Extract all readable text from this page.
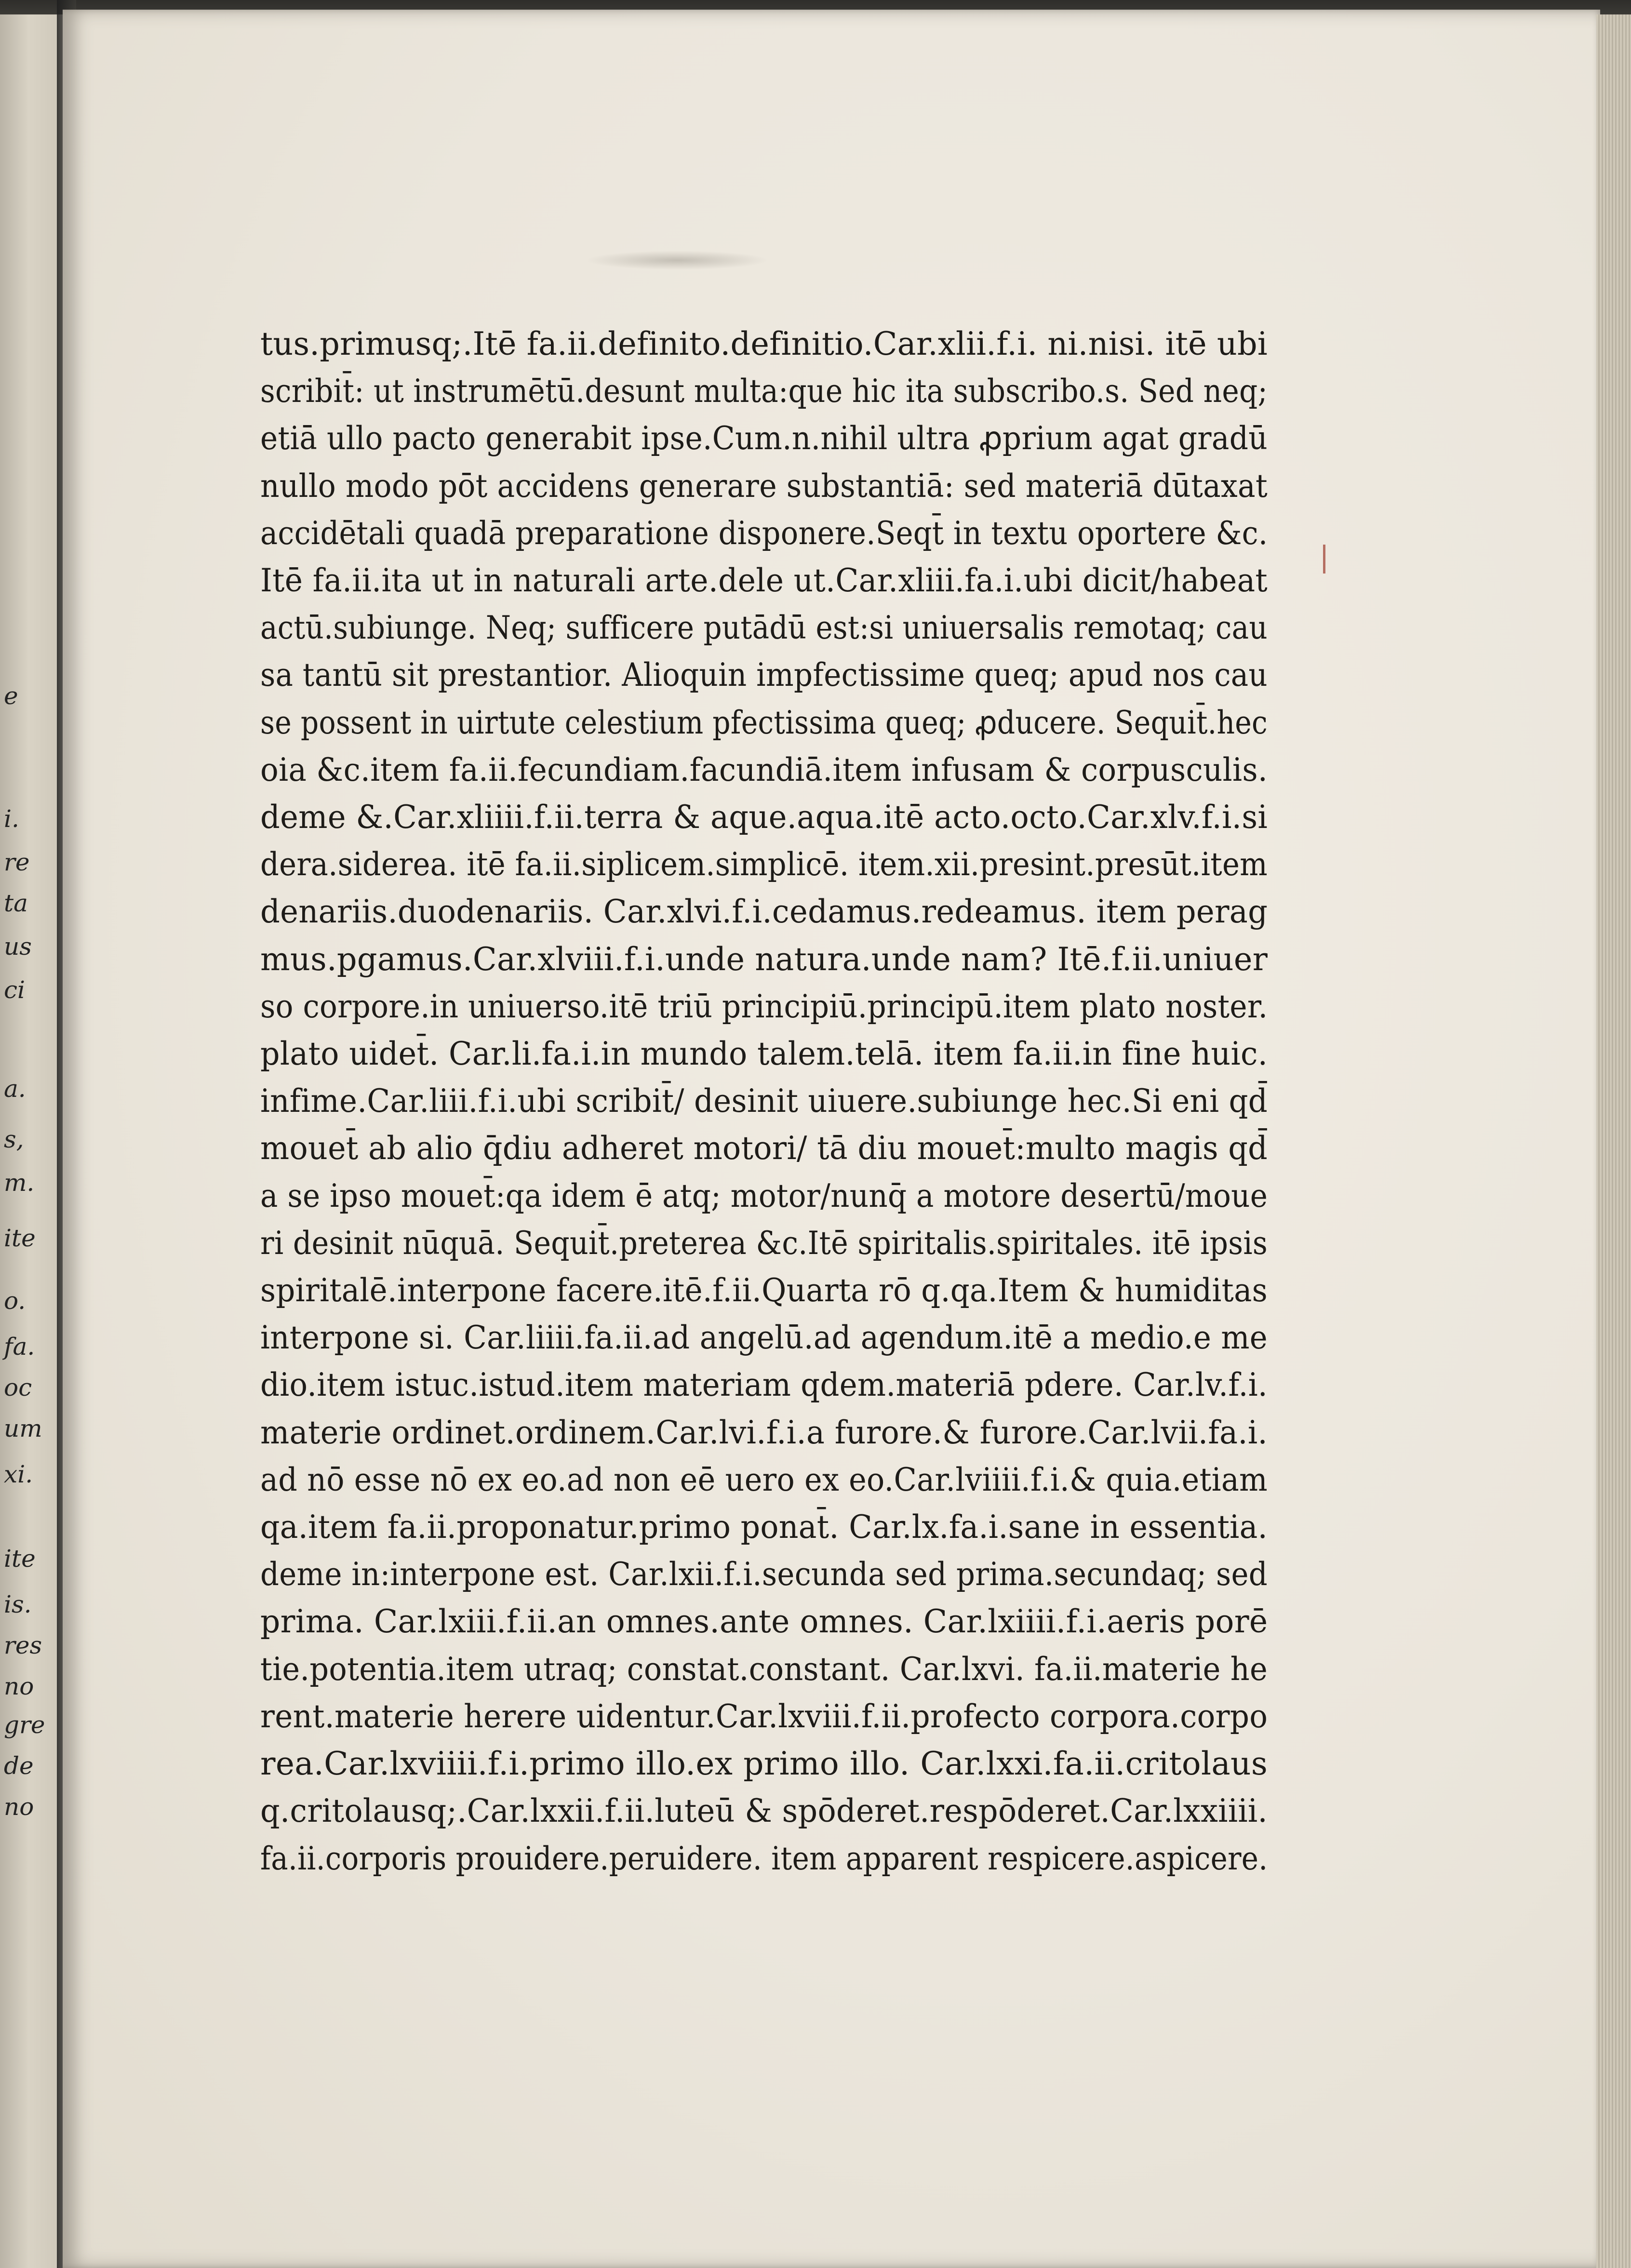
e
i.
re
ta
us
ci
a.
s,
m.
ite
o.
fa.
oc
um
xi.
ite
is.
res
no
gre
de
no
tus.primusq;.Itē fa.ii.definito.definitio.Car.xlii.f.i. ni.nisi. itē ubi
scribit̄: ut instrumētū.desunt multa:que hic ita subscribo.s. Sed neq;
etiā ullo pacto generabit ipse.Cum.n.nihil ultra ꝓprium agat gradū
nullo modo pōt accidens generare substantiā: sed materiā dūtaxat
accidētali quadā preparatione disponere.Seqt̄ in textu oportere &c.
Itē fa.ii.ita ut in naturali arte.dele ut.Car.xliii.fa.i.ubi dicit/habeat
actū.subiunge. Neq; sufficere putādū est:si uniuersalis remotaq; cau
sa tantū sit prestantior. Alioquin impfectissime queq; apud nos cau
se possent in uirtute celestium pfectissima queq; ꝓducere. Sequit̄.hec
oia &c.item fa.ii.fecundiam.facundiā.item infusam & corpusculis.
deme &.Car.xliiii.f.ii.terra & aque.aqua.itē acto.octo.Car.xlv.f.i.si
dera.siderea. itē fa.ii.siplicem.simplicē. item.xii.presint.presūt.item
denariis.duodenariis. Car.xlvi.f.i.cedamus.redeamus. item perag
mus.pgamus.Car.xlviii.f.i.unde natura.unde nam? Itē.f.ii.uniuer
so corpore.in uniuerso.itē triū principiū.principū.item plato noster.
plato uidet̄. Car.li.fa.i.in mundo talem.telā. item fa.ii.in fine huic.
infime.Car.liii.f.i.ubi scribit̄/ desinit uiuere.subiunge hec.Si eni qd̄
mouet̄ ab alio q̄diu adheret motori/ tā diu mouet̄:multo magis qd̄
a se ipso mouet̄:qa idem ē atq; motor/nunq̄ a motore desertū/moue
ri desinit nūquā. Sequit̄.preterea &c.Itē spiritalis.spiritales. itē ipsis
spiritalē.interpone facere.itē.f.ii.Quarta rō q.qa.Item & humiditas
interpone si. Car.liiii.fa.ii.ad angelū.ad agendum.itē a medio.e me
dio.item istuc.istud.item materiam qdem.materiā pdere. Car.lv.f.i.
materie ordinet.ordinem.Car.lvi.f.i.a furore.& furore.Car.lvii.fa.i.
ad nō esse nō ex eo.ad non eē uero ex eo.Car.lviiii.f.i.& quia.etiam
qa.item fa.ii.proponatur.primo ponat̄. Car.lx.fa.i.sane in essentia.
deme in:interpone est. Car.lxii.f.i.secunda sed prima.secundaq; sed
prima. Car.lxiii.f.ii.an omnes.ante omnes. Car.lxiiii.f.i.aeris porē
tie.potentia.item utraq; constat.constant. Car.lxvi. fa.ii.materie he
rent.materie herere uidentur.Car.lxviii.f.ii.profecto corpora.corpo
rea.Car.lxviiii.f.i.primo illo.ex primo illo. Car.lxxi.fa.ii.critolaus
q.critolausq;.Car.lxxii.f.ii.luteū & spōderet.respōderet.Car.lxxiiii.
fa.ii.corporis prouidere.peruidere. item apparent respicere.aspicere.
